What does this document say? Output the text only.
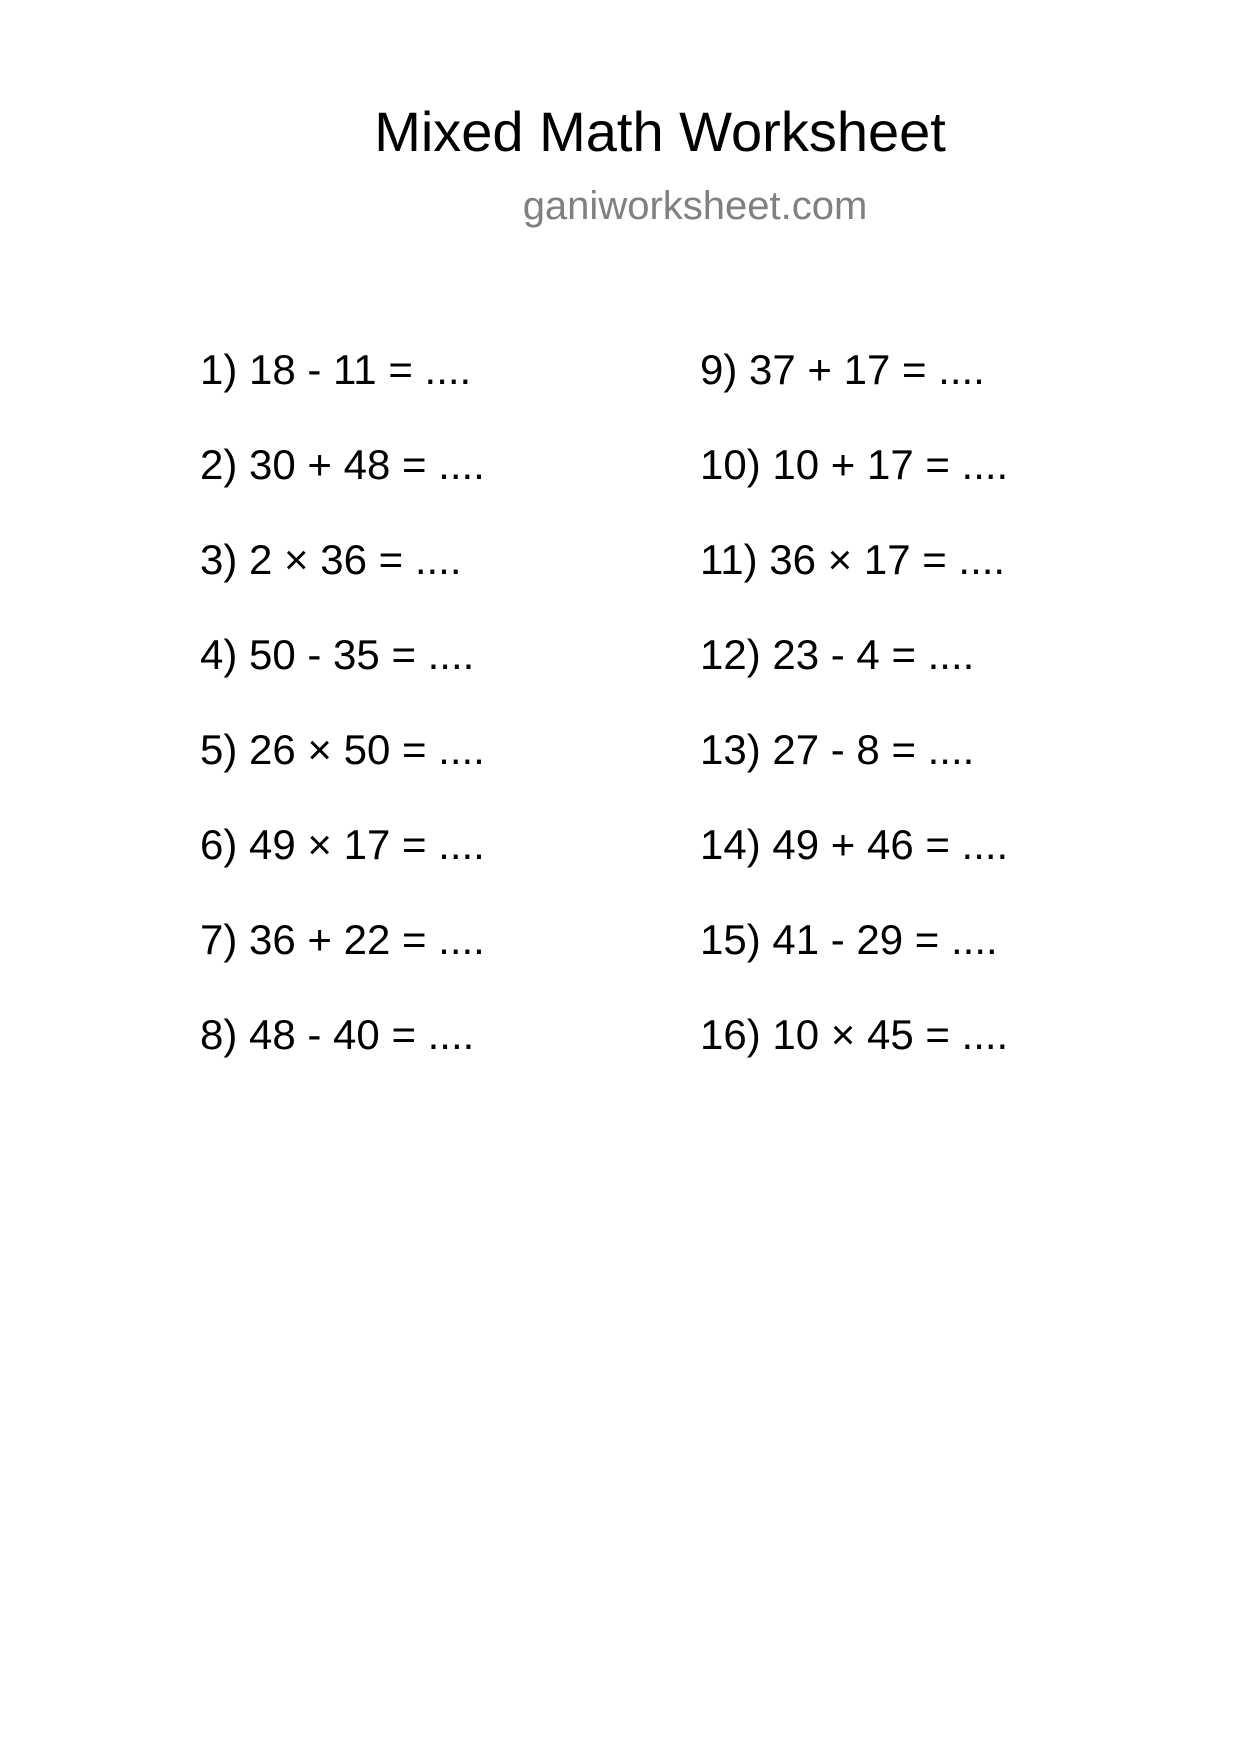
Mixed Math Worksheet
ganiworksheet.com
1) 18 - 11 = ....
2) 30 + 48 = ....
3) 2 × 36 = ....
4) 50 - 35 = ....
5) 26 × 50 = ....
6) 49 × 17 = ....
7) 36 + 22 = ....
8) 48 - 40 = ....
9) 37 + 17 = ....
10) 10 + 17 = ....
11) 36 × 17 = ....
12) 23 - 4 = ....
13) 27 - 8 = ....
14) 49 + 46 = ....
15) 41 - 29 = ....
16) 10 × 45 = ....
